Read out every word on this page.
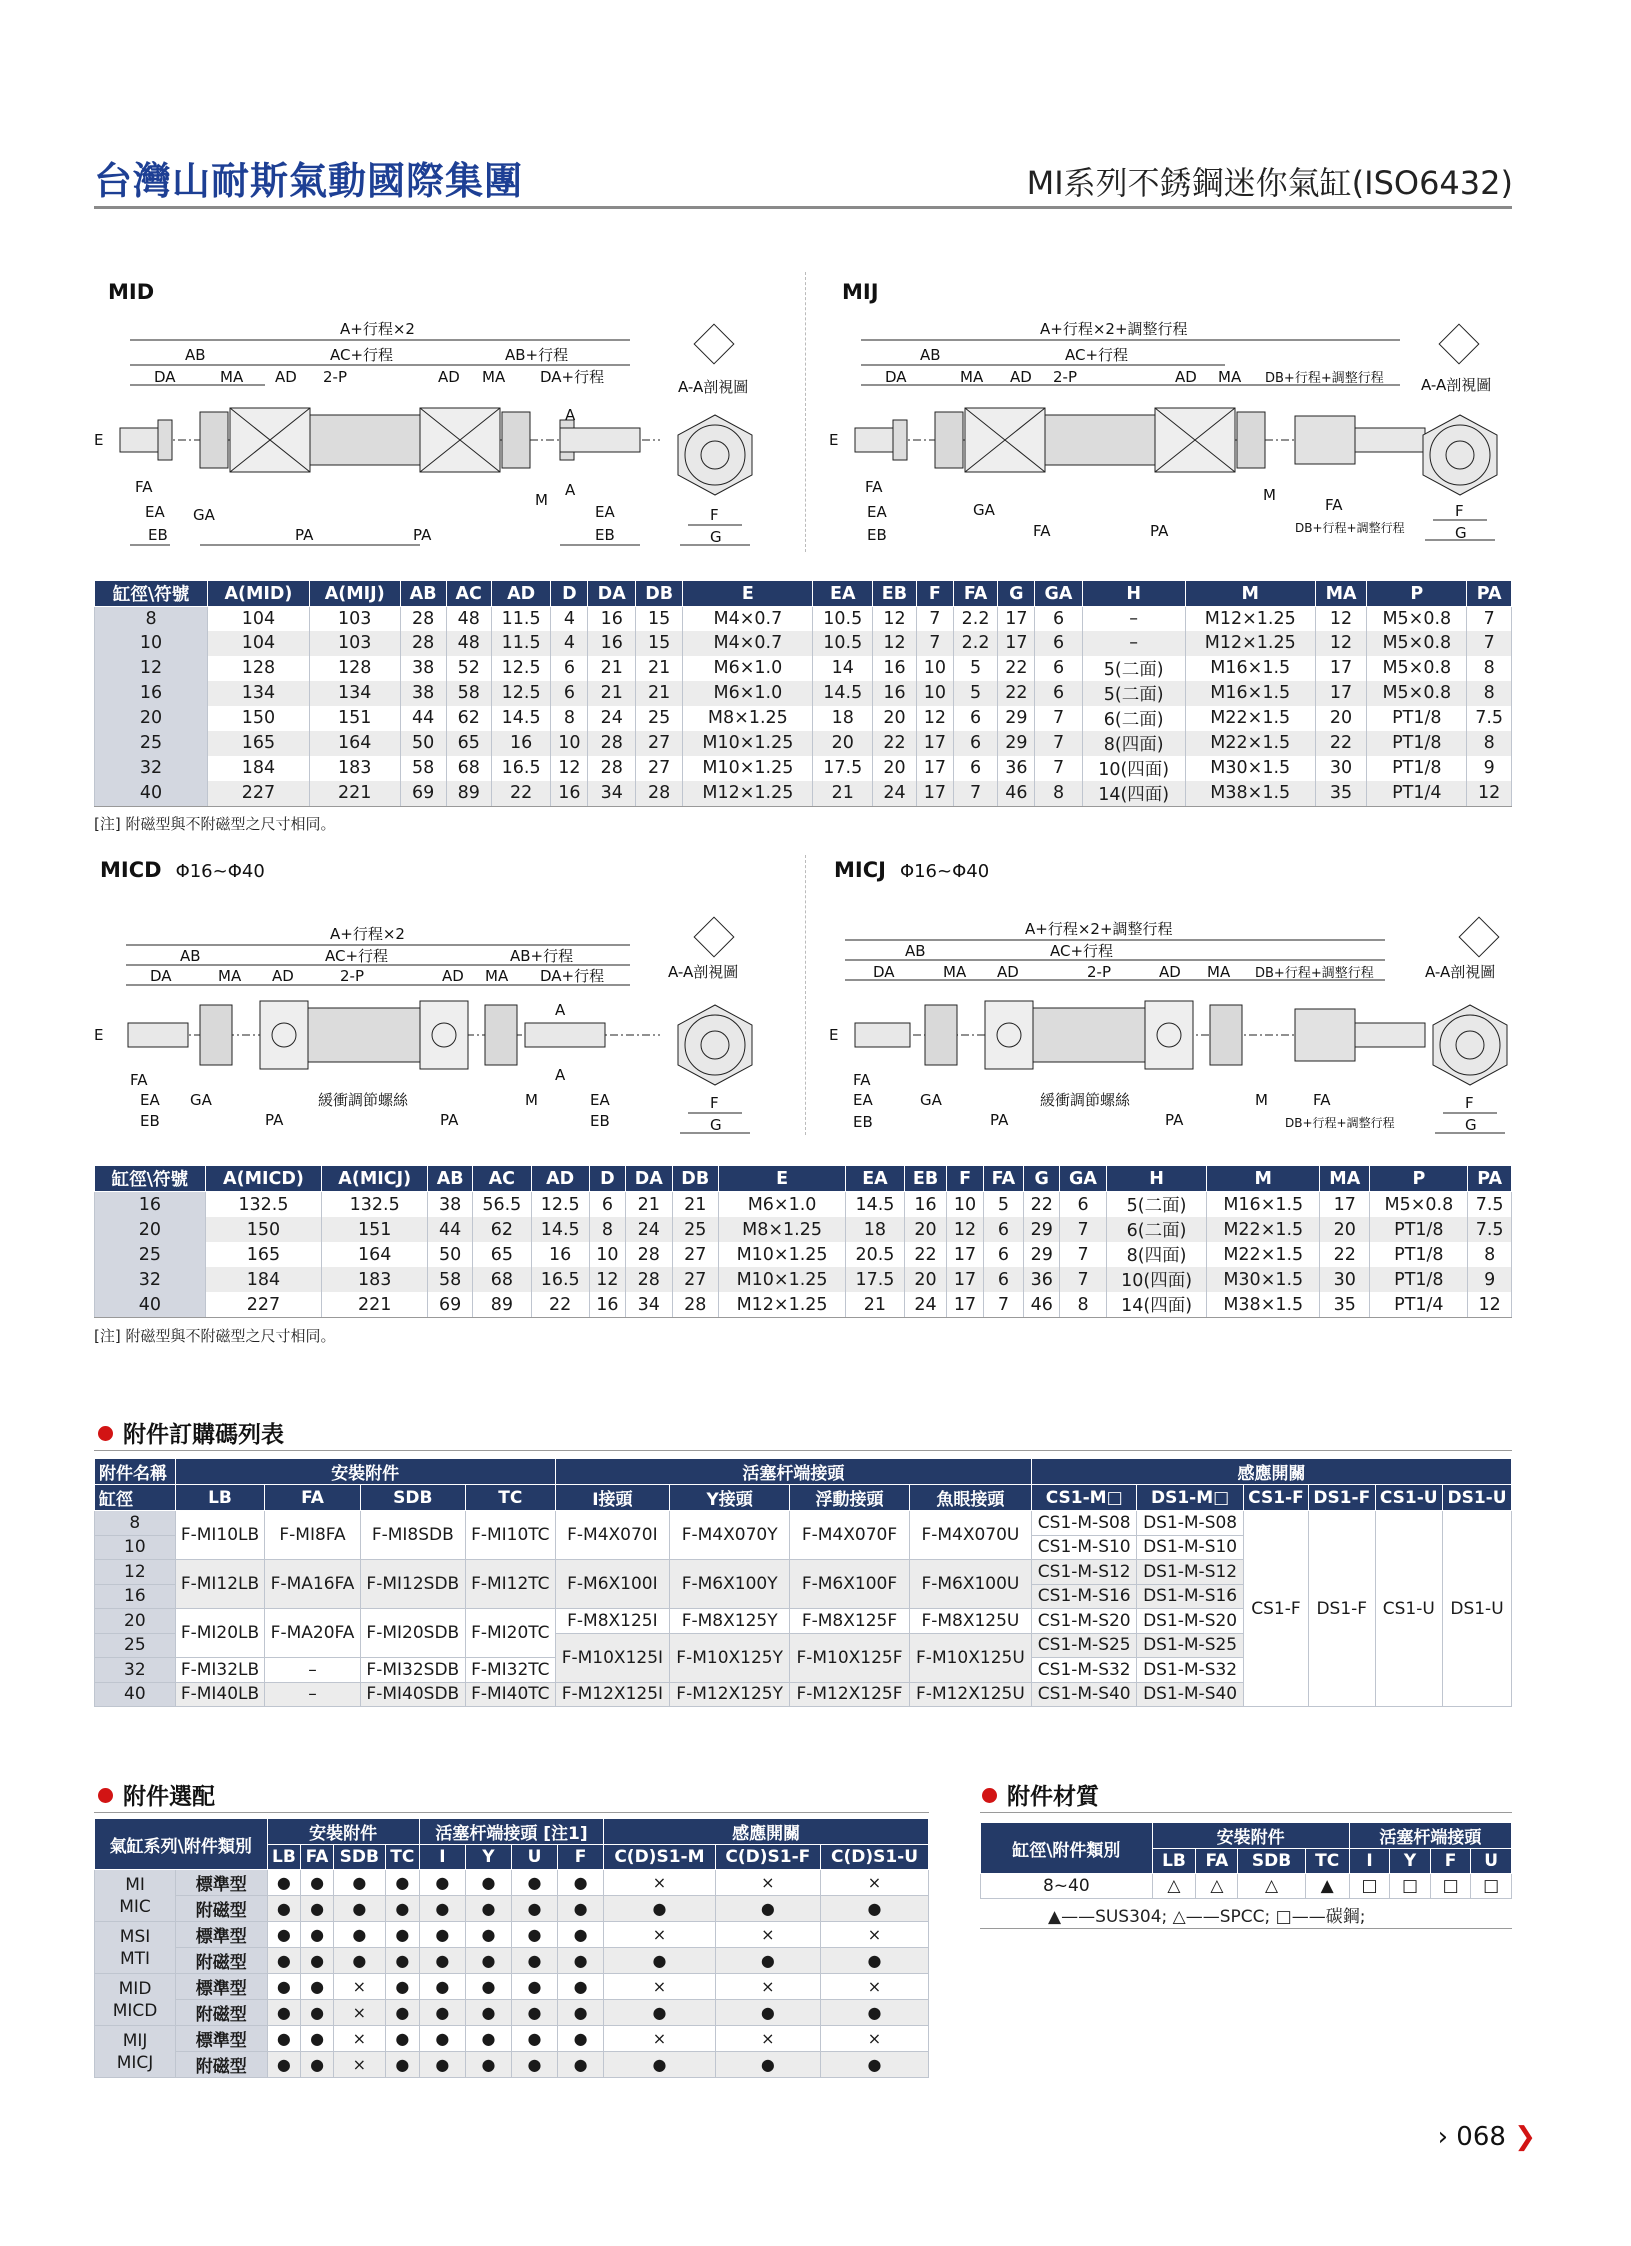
台灣山耐斯氣動國際集團	MI系列不銹鋼迷你氣缸(ISO6432)
MID	MIJ
MICD Φ16~Φ40	MICJ Φ16~Φ40
A+行程×2
AC+行程
AB	AB+行程
DA	MA AD 2-P	AD MA DA+行程
A
A
M
E
FA
EA
EB
GA
PA	PA
EA
EB
A-A剖視圖
F
G
A+行程×2+調整行程
AC+行程
AB
DA	MA AD 2-P	AD MA DB+行程+調整行程
E
FA
EA
EB
GA
FA	PA
M
FA
DB+行程+調整行程
A-A剖視圖
F
G
缸徑\符號	A(MID)	A(MIJ)	AB	AC	AD	D	DA	DB	E	EA	EB	F	FA	G	GA	H	M	MA	P	PA
8	104	103	28	48	11.5	4	16	15	M4×0.7	10.5	12	7	2.2	17	6	–	M12×1.25	12	M5×0.8	7
10	104	103	28	48	11.5	4	16	15	M4×0.7	10.5	12	7	2.2	17	6	–	M12×1.25	12	M5×0.8	7
12	128	128	38	52	12.5	6	21	21	M6×1.0	14	16	10	5	22	6	5(二面)	M16×1.5	17	M5×0.8	8
16	134	134	38	58	12.5	6	21	21	M6×1.0	14.5	16	10	5	22	6	5(二面)	M16×1.5	17	M5×0.8	8
20	150	151	44	62	14.5	8	24	25	M8×1.25	18	20	12	6	29	7	6(二面)	M22×1.5	20	PT1/8	7.5
25	165	164	50	65	16	10	28	27	M10×1.25	20	22	17	6	29	7	8(四面)	M22×1.5	22	PT1/8	8
32	184	183	58	68	16.5	12	28	27	M10×1.25	17.5	20	17	6	36	7	10(四面)	M30×1.5	30	PT1/8	9
40	227	221	69	89	22	16	34	28	M12×1.25	21	24	17	7	46	8	14(四面)	M38×1.5	35	PT1/4	12
[注] 附磁型與不附磁型之尺寸相同。
A+行程×2
AC+行程
AB	AB+行程
DA	MA AD	2-P	AD MA DA+行程
A
A
M
E
FA
EA
EB
GA
PA
緩衝調節螺絲
PA
EA
EB
A-A剖視圖
F
G
A+行程×2+調整行程
AC+行程
AB
DA	MA AD	2-P	AD MA DB+行程+調整行程
E
FA
EA
EB
GA
PA
緩衝調節螺絲
PA
M	FA
DB+行程+調整行程
A-A剖視圖
F
G
缸徑\符號	A(MICD)	A(MICJ)	AB	AC	AD	D	DA	DB	E	EA	EB	F	FA	G	GA	H	M	MA	P	PA
16	132.5	132.5	38	56.5	12.5	6	21	21	M6×1.0	14.5	16	10	5	22	6	5(二面)	M16×1.5	17	M5×0.8	7.5
20	150	151	44	62	14.5	8	24	25	M8×1.25	18	20	12	6	29	7	6(二面)	M22×1.5	20	PT1/8	7.5
25	165	164	50	65	16	10	28	27	M10×1.25	20.5	22	17	6	29	7	8(四面)	M22×1.5	22	PT1/8	8
32	184	183	58	68	16.5	12	28	27	M10×1.25	17.5	20	17	6	36	7	10(四面)	M30×1.5	30	PT1/8	9
40	227	221	69	89	22	16	34	28	M12×1.25	21	24	17	7	46	8	14(四面)	M38×1.5	35	PT1/4	12
[注] 附磁型與不附磁型之尺寸相同。
附件訂購碼列表
附件名稱	安裝附件				活塞杆端接頭				感應開關					
缸徑	LB	FA	SDB	TC	I接頭	Y接頭	浮動接頭	魚眼接頭	CS1-M□	DS1-M□	CS1-F	DS1-F	CS1-U	DS1-U
8	F-MI10LB	F-MI8FA	F-MI8SDB	F-MI10TC	F-M4X070I	F-M4X070Y	F-M4X070F	F-M4X070U	CS1-M-S08	DS1-M-S08	CS1-F	DS1-F	CS1-U	DS1-U
10									CS1-M-S10	DS1-M-S10				
12	F-MI12LB	F-MA16FA	F-MI12SDB	F-MI12TC	F-M6X100I	F-M6X100Y	F-M6X100F	F-M6X100U	CS1-M-S12	DS1-M-S12				
16									CS1-M-S16	DS1-M-S16				
20	F-MI20LB	F-MA20FA	F-MI20SDB	F-MI20TC	F-M8X125I	F-M8X125Y	F-M8X125F	F-M8X125U	CS1-M-S20	DS1-M-S20				
25					F-M10X125I	F-M10X125Y	F-M10X125F	F-M10X125U	CS1-M-S25	DS1-M-S25				
32	F-MI32LB	–	F-MI32SDB	F-MI32TC					CS1-M-S32	DS1-M-S32				
40	F-MI40LB	–	F-MI40SDB	F-MI40TC	F-M12X125I	F-M12X125Y	F-M12X125F	F-M12X125U	CS1-M-S40	DS1-M-S40				
附件選配
氣缸系列\附件類別		安裝附件				活塞杆端接頭 [注1]				感應開關		
		LB	FA	SDB	TC	I	Y	U	F	C(D)S1-M	C(D)S1-F	C(D)S1-U

MI
MIC	標準型	●	●	●	●	●	●	●	●	×	×	×
	附磁型	●	●	●	●	●	●	●	●	●	●	●

MSI
MTI	標準型	●	●	●	●	●	●	●	●	×	×	×
	附磁型	●	●	●	●	●	●	●	●	●	●	●

MID
MICD	標準型	●	●	×	●	●	●	●	●	×	×	×
	附磁型	●	●	×	●	●	●	●	●	●	●	●

MIJ
MICJ	標準型	●	●	×	●	●	●	●	●	×	×	×
	附磁型	●	●	×	●	●	●	●	●	●	●	●
附件材質
缸徑\附件類別	安裝附件				活塞杆端接頭			
	LB	FA	SDB	TC	I	Y	F	U
8~40	△	△	△	▲	□	□	□	□
▲——SUS304; △——SPCC; □——碳鋼;
› 068 ❯
